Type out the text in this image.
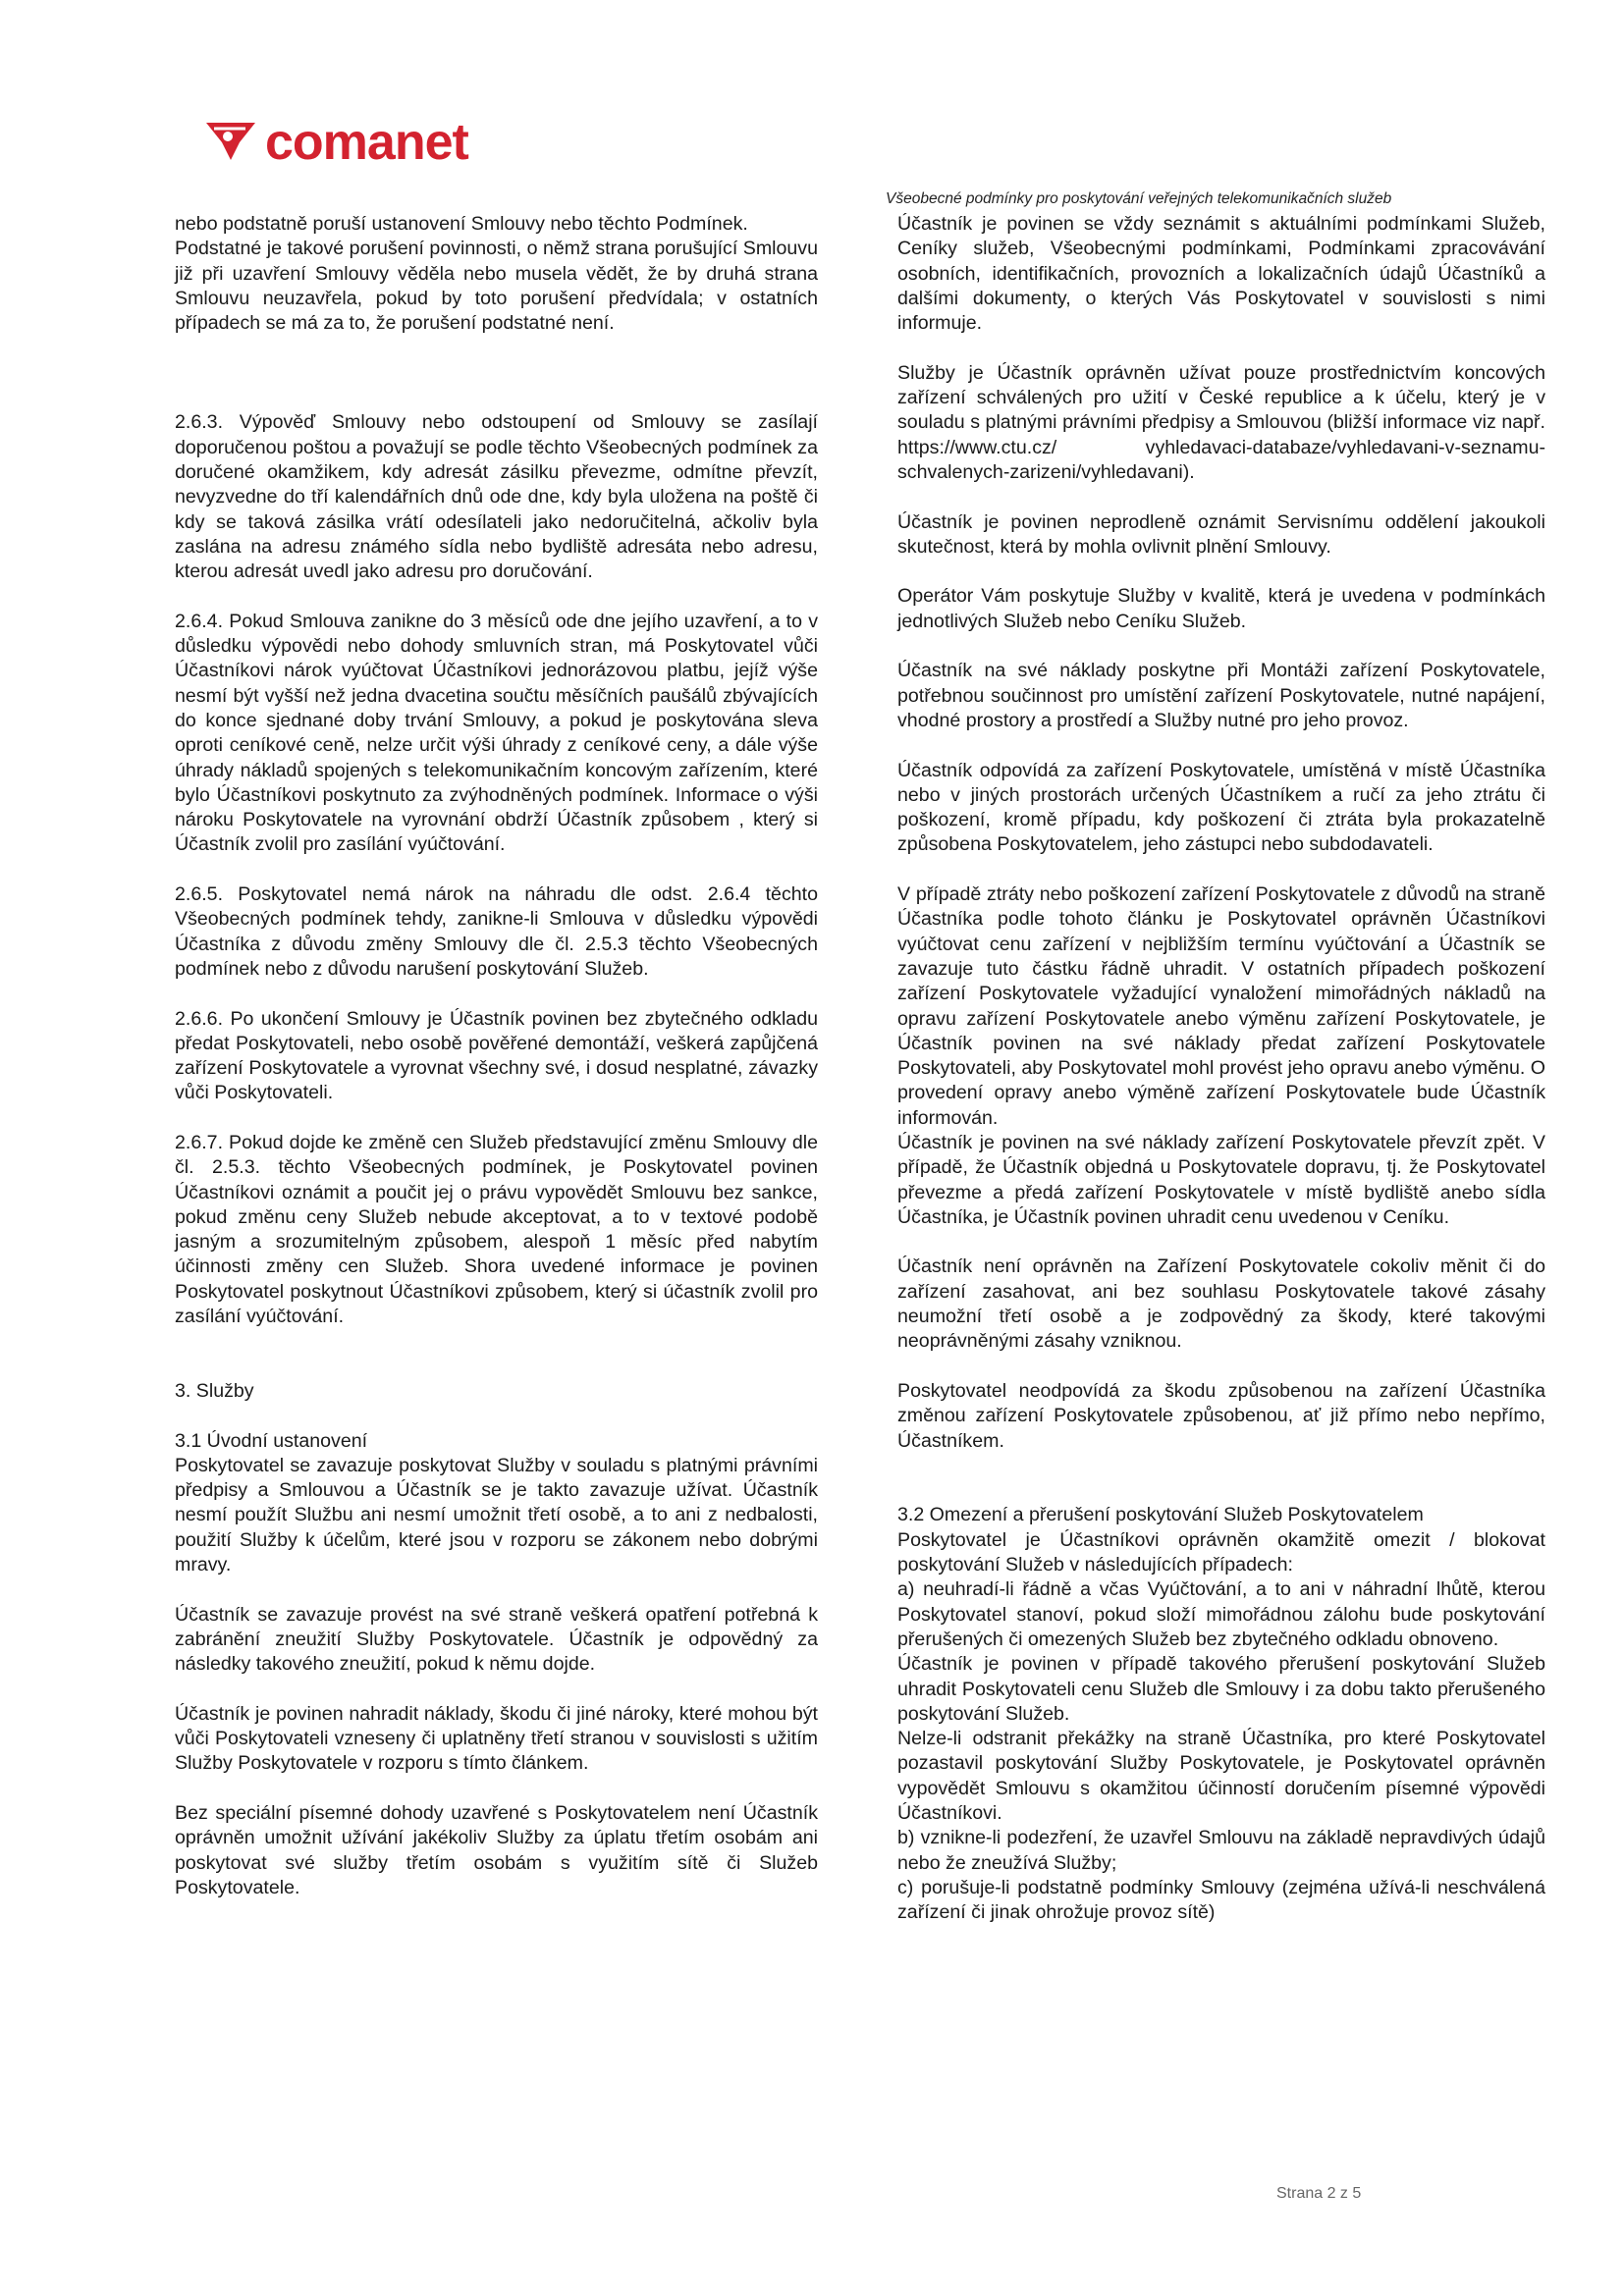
comanet
Všeobecné podmínky pro poskytování veřejných telekomunikačních služeb

nebo podstatně poruší ustanovení Smlouvy nebo těchto Podmínek.

Podstatné je takové porušení povinnosti, o němž strana porušující Smlouvu již při uzavření Smlouvy věděla nebo musela vědět, že by druhá strana Smlouvu neuzavřela, pokud by toto porušení předvídala; v ostatních případech se má za to, že porušení podstatné není.

2.6.3. Výpověď Smlouvy nebo odstoupení od Smlouvy se zasílají doporučenou poštou a považují se podle těchto Všeobecných podmínek za doručené okamžikem, kdy adresát zásilku převezme, odmítne převzít, nevyzvedne do tří kalendářních dnů ode dne, kdy byla uložena na poště či kdy se taková zásilka vrátí odesílateli jako nedoručitelná, ačkoliv byla zaslána na adresu známého sídla nebo bydliště adresáta nebo adresu, kterou adresát uvedl jako adresu pro doručování.

2.6.4. Pokud Smlouva zanikne do 3 měsíců ode dne jejího uzavření, a to v důsledku výpovědi nebo dohody smluvních stran, má Poskytovatel vůči Účastníkovi nárok vyúčtovat Účastníkovi jednorázovou platbu, jejíž výše nesmí být vyšší než jedna dvacetina součtu měsíčních paušálů zbývajících do konce sjednané doby trvání Smlouvy, a pokud je poskytována sleva oproti ceníkové ceně, nelze určit výši úhrady z ceníkové ceny, a dále výše úhrady nákladů spojených s telekomunikačním koncovým zařízením, které bylo Účastníkovi poskytnuto za zvýhodněných podmínek. Informace o výši nároku Poskytovatele na vyrovnání obdrží Účastník způsobem , který si Účastník zvolil pro zasílání vyúčtování.

2.6.5. Poskytovatel nemá nárok na náhradu dle odst. 2.6.4 těchto Všeobecných podmínek tehdy, zanikne-li Smlouva v důsledku výpovědi Účastníka z důvodu změny Smlouvy dle čl. 2.5.3 těchto Všeobecných podmínek nebo z důvodu narušení poskytování Služeb.

2.6.6. Po ukončení Smlouvy je Účastník povinen bez zbytečného odkladu předat Poskytovateli, nebo osobě pověřené demontáží, veškerá zapůjčená zařízení Poskytovatele a vyrovnat všechny své, i dosud nesplatné, závazky vůči Poskytovateli.

2.6.7. Pokud dojde ke změně cen Služeb představující změnu Smlouvy dle čl. 2.5.3. těchto Všeobecných podmínek, je Poskytovatel povinen Účastníkovi oznámit a poučit jej o právu vypovědět Smlouvu bez sankce, pokud změnu ceny Služeb nebude akceptovat, a to v textové podobě jasným a srozumitelným způsobem, alespoň 1 měsíc před nabytím účinnosti změny cen Služeb. Shora uvedené informace je povinen Poskytovatel poskytnout Účastníkovi způsobem, který si účastník zvolil pro zasílání vyúčtování.

3. Služby

3.1 Úvodní ustanovení

Poskytovatel se zavazuje poskytovat Služby v souladu s platnými právními předpisy a Smlouvou a Účastník se je takto zavazuje užívat. Účastník nesmí použít Službu ani nesmí umožnit třetí osobě, a to ani z nedbalosti, použití Služby k účelům, které jsou v rozporu se zákonem nebo dobrými mravy.

Účastník se zavazuje provést na své straně veškerá opatření potřebná k zabránění zneužití Služby Poskytovatele. Účastník je odpovědný za následky takového zneužití, pokud k němu dojde.

Účastník je povinen nahradit náklady, škodu či jiné nároky, které mohou být vůči Poskytovateli vzneseny či uplatněny třetí stranou v souvislosti s užitím Služby Poskytovatele v rozporu s tímto článkem.

Bez speciální písemné dohody uzavřené s Poskytovatelem není Účastník oprávněn umožnit užívání jakékoliv Služby za úplatu třetím osobám ani poskytovat své služby třetím osobám s využitím sítě či Služeb Poskytovatele.

Účastník je povinen se vždy seznámit s aktuálními podmínkami Služeb, Ceníky služeb, Všeobecnými podmínkami, Podmínkami zpracovávání osobních, identifikačních, provozních a lokalizačních údajů Účastníků a dalšími dokumenty, o kterých Vás Poskytovatel v souvislosti s nimi informuje.

Služby je Účastník oprávněn užívat pouze prostřednictvím koncových zařízení schválených pro užití v České republice a k účelu, který je v souladu s platnými právními předpisy a Smlouvou (bližší informace viz např. https://www.ctu.cz/ vyhledavaci-databaze/vyhledavani-v-seznamu-schvalenych-zarizeni/vyhledavani).

Účastník je povinen neprodleně oznámit Servisnímu oddělení jakoukoli skutečnost, která by mohla ovlivnit plnění Smlouvy.

Operátor Vám poskytuje Služby v kvalitě, která je uvedena v podmínkách jednotlivých Služeb nebo Ceníku Služeb.

Účastník na své náklady poskytne při Montáži zařízení Poskytovatele, potřebnou součinnost pro umístění zařízení Poskytovatele, nutné napájení, vhodné prostory a prostředí a Služby nutné pro jeho provoz.

Účastník odpovídá za zařízení Poskytovatele, umístěná v místě Účastníka nebo v jiných prostorách určených Účastníkem a ručí za jeho ztrátu či poškození, kromě případu, kdy poškození či ztráta byla prokazatelně způsobena Poskytovatelem, jeho zástupci nebo subdodavateli.

V případě ztráty nebo poškození zařízení Poskytovatele z důvodů na straně Účastníka podle tohoto článku je Poskytovatel oprávněn Účastníkovi vyúčtovat cenu zařízení v nejbližším termínu vyúčtování a Účastník se zavazuje tuto částku řádně uhradit. V ostatních případech poškození zařízení Poskytovatele vyžadující vynaložení mimořádných nákladů na opravu zařízení Poskytovatele anebo výměnu zařízení Poskytovatele, je Účastník povinen na své náklady předat zařízení Poskytovatele Poskytovateli, aby Poskytovatel mohl provést jeho opravu anebo výměnu. O provedení opravy anebo výměně zařízení Poskytovatele bude Účastník informován.

Účastník je povinen na své náklady zařízení Poskytovatele převzít zpět. V případě, že Účastník objedná u Poskytovatele dopravu, tj. že Poskytovatel převezme a předá zařízení Poskytovatele v místě bydliště anebo sídla Účastníka, je Účastník povinen uhradit cenu uvedenou v Ceníku.

Účastník není oprávněn na Zařízení Poskytovatele cokoliv měnit či do zařízení zasahovat, ani bez souhlasu Poskytovatele takové zásahy neumožní třetí osobě a je zodpovědný za škody, které takovými neoprávněnými zásahy vzniknou.

Poskytovatel neodpovídá za škodu způsobenou na zařízení Účastníka změnou zařízení Poskytovatele způsobenou, ať již přímo nebo nepřímo, Účastníkem.

3.2 Omezení a přerušení poskytování Služeb Poskytovatelem

Poskytovatel je Účastníkovi oprávněn okamžitě omezit / blokovat poskytování Služeb v následujících případech:

a) neuhradí-li řádně a včas Vyúčtování, a to ani v náhradní lhůtě, kterou Poskytovatel stanoví, pokud složí mimořádnou zálohu bude poskytování přerušených či omezených Služeb bez zbytečného odkladu obnoveno.

Účastník je povinen v případě takového přerušení poskytování Služeb uhradit Poskytovateli cenu Služeb dle Smlouvy i za dobu takto přerušeného poskytování Služeb.

Nelze-li odstranit překážky na straně Účastníka, pro které Poskytovatel pozastavil poskytování Služby Poskytovatele, je Poskytovatel oprávněn vypovědět Smlouvu s okamžitou účinností doručením písemné výpovědi Účastníkovi.

b) vznikne-li podezření, že uzavřel Smlouvu na základě nepravdivých údajů nebo že zneužívá Služby;

c) porušuje-li podstatně podmínky Smlouvy (zejména užívá-li neschválená zařízení či jinak ohrožuje provoz sítě)

Strana 2 z 5
